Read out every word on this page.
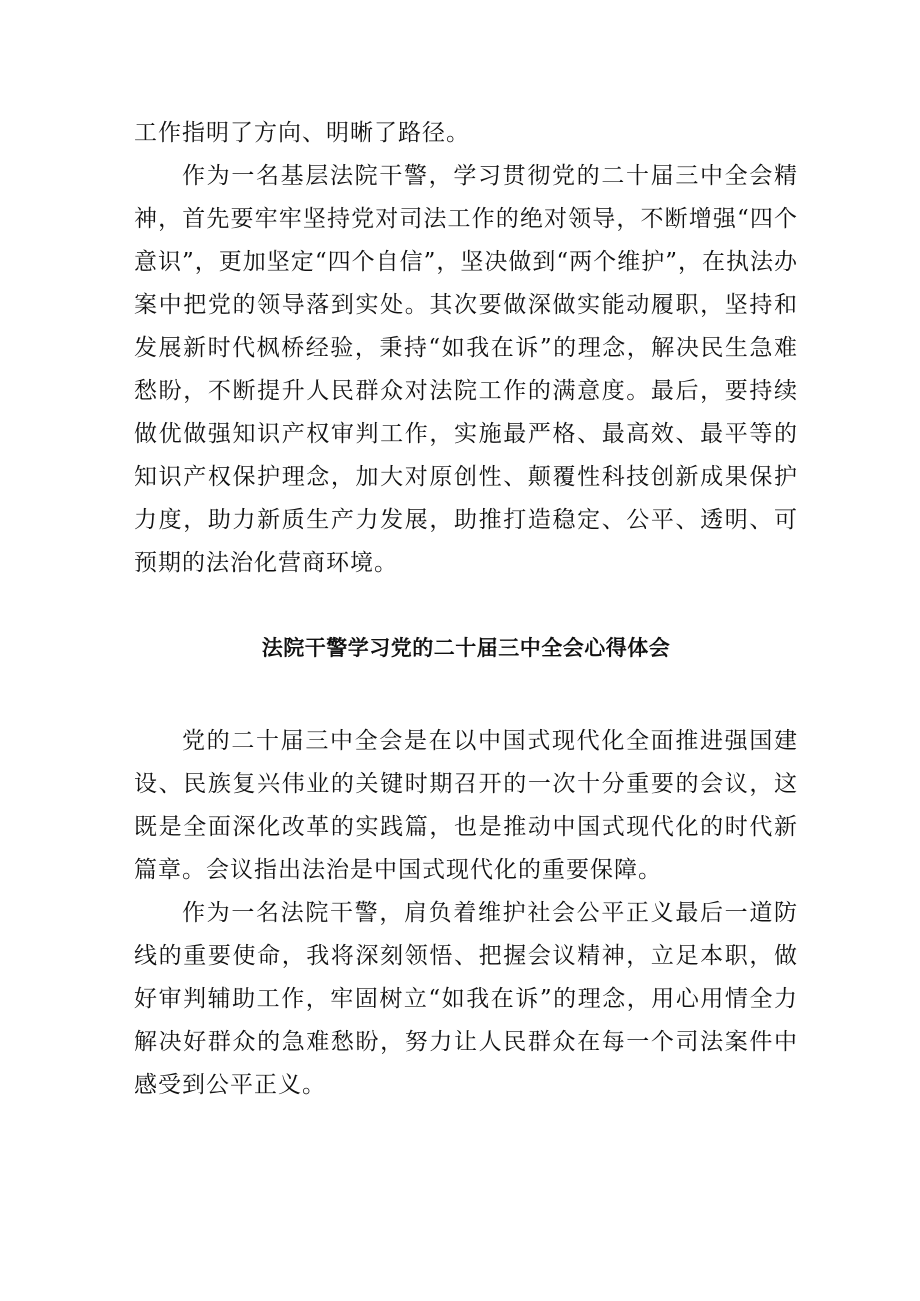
工作指明了方向、明晰了路径。

作为一名基层法院干警，学习贯彻党的二十届三中全会精神，首先要牢牢坚持党对司法工作的绝对领导，不断增强“四个意识”，更加坚定“四个自信”，坚决做到“两个维护”，在执法办案中把党的领导落到实处。其次要做深做实能动履职，坚持和发展新时代枫桥经验，秉持“如我在诉”的理念，解决民生急难愁盼，不断提升人民群众对法院工作的满意度。最后，要持续做优做强知识产权审判工作，实施最严格、最高效、最平等的知识产权保护理念，加大对原创性、颠覆性科技创新成果保护力度，助力新质生产力发展，助推打造稳定、公平、透明、可预期的法治化营商环境。

法院干警学习党的二十届三中全会心得体会

党的二十届三中全会是在以中国式现代化全面推进强国建设、民族复兴伟业的关键时期召开的一次十分重要的会议，这既是全面深化改革的实践篇，也是推动中国式现代化的时代新篇章。会议指出法治是中国式现代化的重要保障。

作为一名法院干警，肩负着维护社会公平正义最后一道防线的重要使命，我将深刻领悟、把握会议精神，立足本职，做好审判辅助工作，牢固树立“如我在诉”的理念，用心用情全力解决好群众的急难愁盼，努力让人民群众在每一个司法案件中感受到公平正义。
